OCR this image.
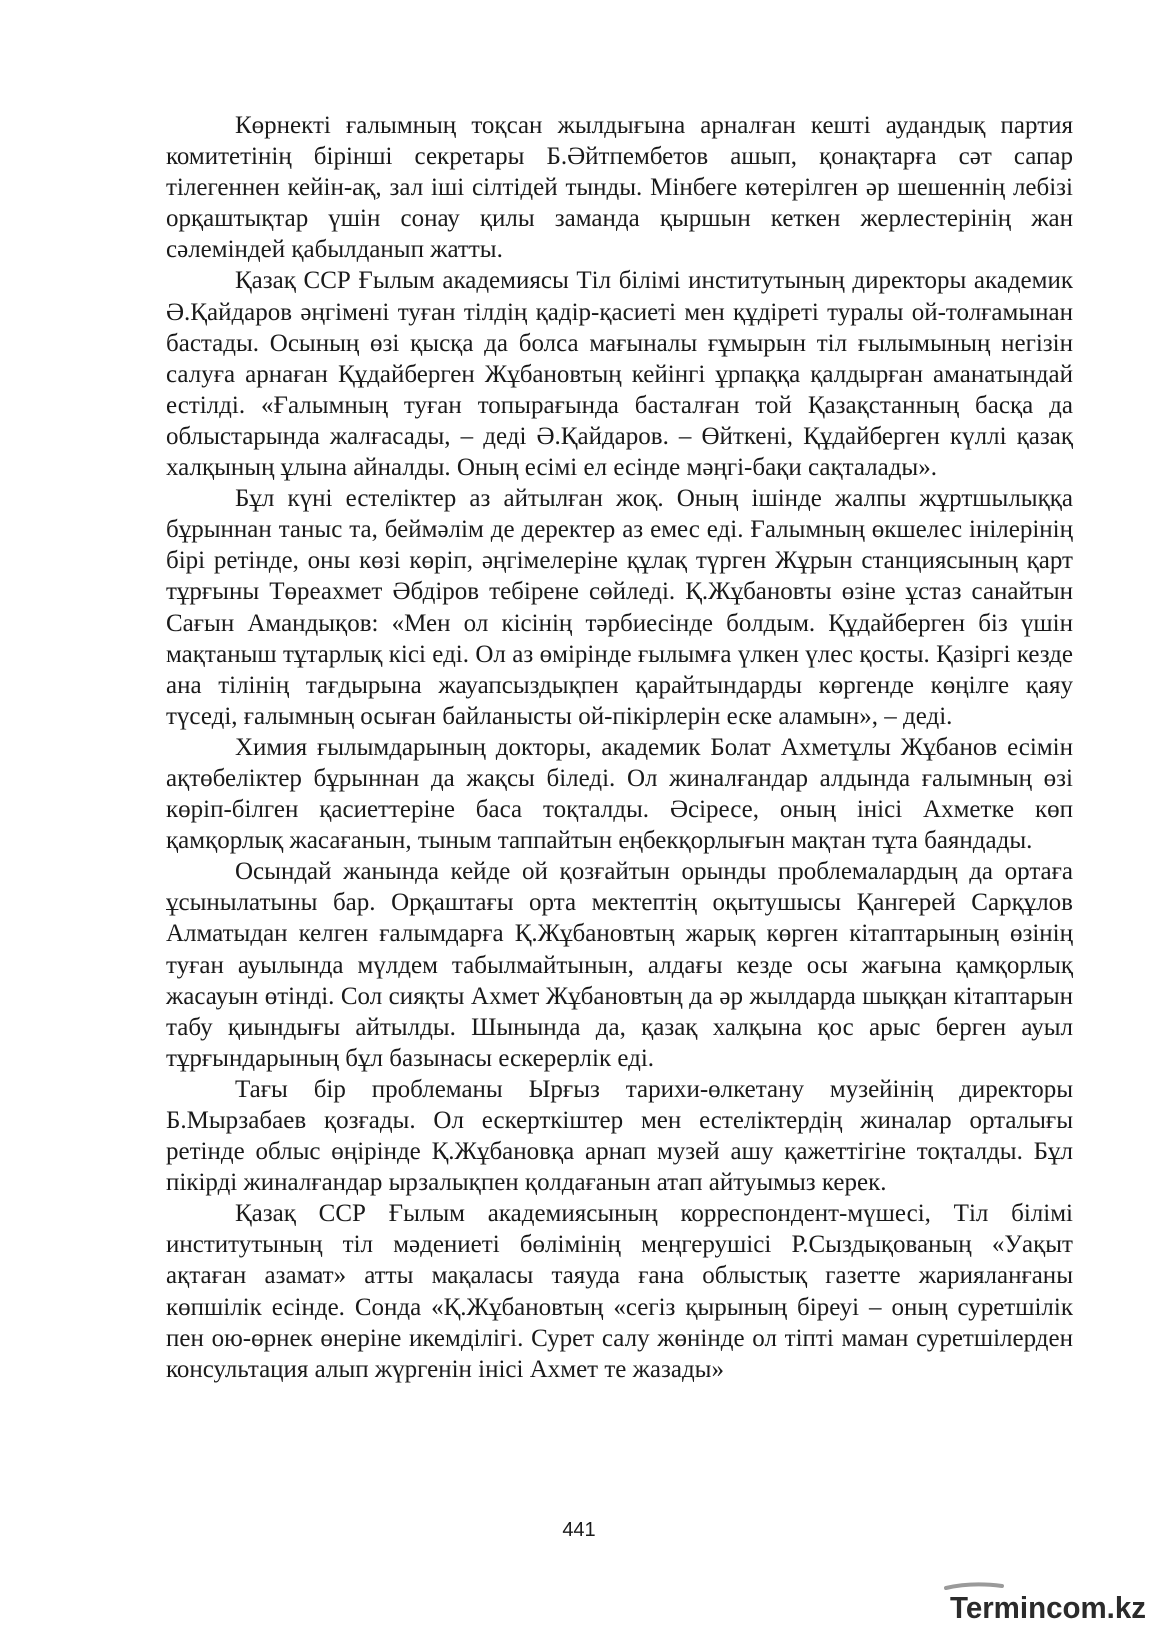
Көрнекті ғалымның тоқсан жылдығына арналған кешті аудандық партия комитетінің бірінші секретары Б.Әйтпембетов ашып, қонақтарға сәт сапар тілегеннен кейін-ақ, зал іші сілтідей тынды. Мінбеге көтерілген әр шешеннің лебізі орқаштықтар үшін сонау қилы заманда қыршын кеткен жерлестерінің жан сәлеміндей қабылданып жатты.

Қазақ ССР Ғылым академиясы Тіл білімі институтының директоры академик Ә.Қайдаров әңгімені туған тілдің қадір-қасиеті мен құдіреті туралы ой-толғамынан бастады. Осының өзі қысқа да болса мағыналы ғұмырын тіл ғылымының негізін салуға арнаған Құдайберген Жұбановтың кейінгі ұрпаққа қалдырған аманатындай естілді. «Ғалымның туған топырағында басталған той Қазақстанның басқа да облыстарында жалғасады, – деді Ә.Қайдаров. – Өйткені, Құдайберген күллі қазақ халқының ұлына айналды. Оның есімі ел есінде мәңгі-бақи сақталады».

Бұл күні естеліктер аз айтылған жоқ. Оның ішінде жалпы жұртшылыққа бұрыннан таныс та, беймәлім де деректер аз емес еді. Ғалымның өкшелес інілерінің бірі ретінде, оны көзі көріп, әңгімелеріне құлақ түрген Жұрын станциясының қарт тұрғыны Төреахмет Әбдіров тебірене сөйледі. Қ.Жұбановты өзіне ұстаз санайтын Сағын Амандықов: «Мен ол кісінің тәрбиесінде болдым. Құдайберген біз үшін мақтаныш тұтарлық кісі еді. Ол аз өмірінде ғылымға үлкен үлес қосты. Қазіргі кезде ана тілінің тағдырына жауапсыздықпен қарайтындарды көргенде көңілге қаяу түседі, ғалымның осыған байланысты ой-пікірлерін еске аламын», – деді.

Химия ғылымдарының докторы, академик Болат Ахметұлы Жұбанов есімін ақтөбеліктер бұрыннан да жақсы біледі. Ол жиналғандар алдында ғалымның өзі көріп-білген қасиеттеріне баса тоқталды. Әсіресе, оның інісі Ахметке көп қамқорлық жасағанын, тыным таппайтын еңбекқорлығын мақтан тұта баяндады.

Осындай жанында кейде ой қозғайтын орынды проблемалардың да ортаға ұсынылатыны бар. Орқаштағы орта мектептің оқытушысы Қангерей Сарқұлов Алматыдан келген ғалымдарға Қ.Жұбановтың жарық көрген кітаптарының өзінің туған ауылында мүлдем табылмайтынын, алдағы кезде осы жағына қамқорлық жасауын өтінді. Сол сияқты Ахмет Жұбановтың да әр жылдарда шыққан кітаптарын табу қиындығы айтылды. Шынында да, қазақ халқына қос арыс берген ауыл тұрғындарының бұл базынасы ескерерлік еді.

Тағы бір проблеманы Ырғыз тарихи-өлкетану музейінің директоры Б.Мырзабаев қозғады. Ол ескерткіштер мен естеліктердің жиналар орталығы ретінде облыс өңірінде Қ.Жұбановқа арнап музей ашу қажеттігіне тоқталды. Бұл пікірді жиналғандар ырзалықпен қолдағанын атап айтуымыз керек.

Қазақ ССР Ғылым академиясының корреспондент-мүшесі, Тіл білімі институтының тіл мәдениеті бөлімінің меңгерушісі Р.Сыздықованың «Уақыт ақтаған азамат» атты мақаласы таяуда ғана облыстық газетте жарияланғаны көпшілік есінде. Сонда «Қ.Жұбановтың «сегіз қырының біреуі – оның суретшілік пен ою-өрнек өнеріне икемділігі. Сурет салу жөнінде ол тіпті маман суретшілерден консультация алып жүргенін інісі Ахмет те жазады»

441
Termincom.kz
